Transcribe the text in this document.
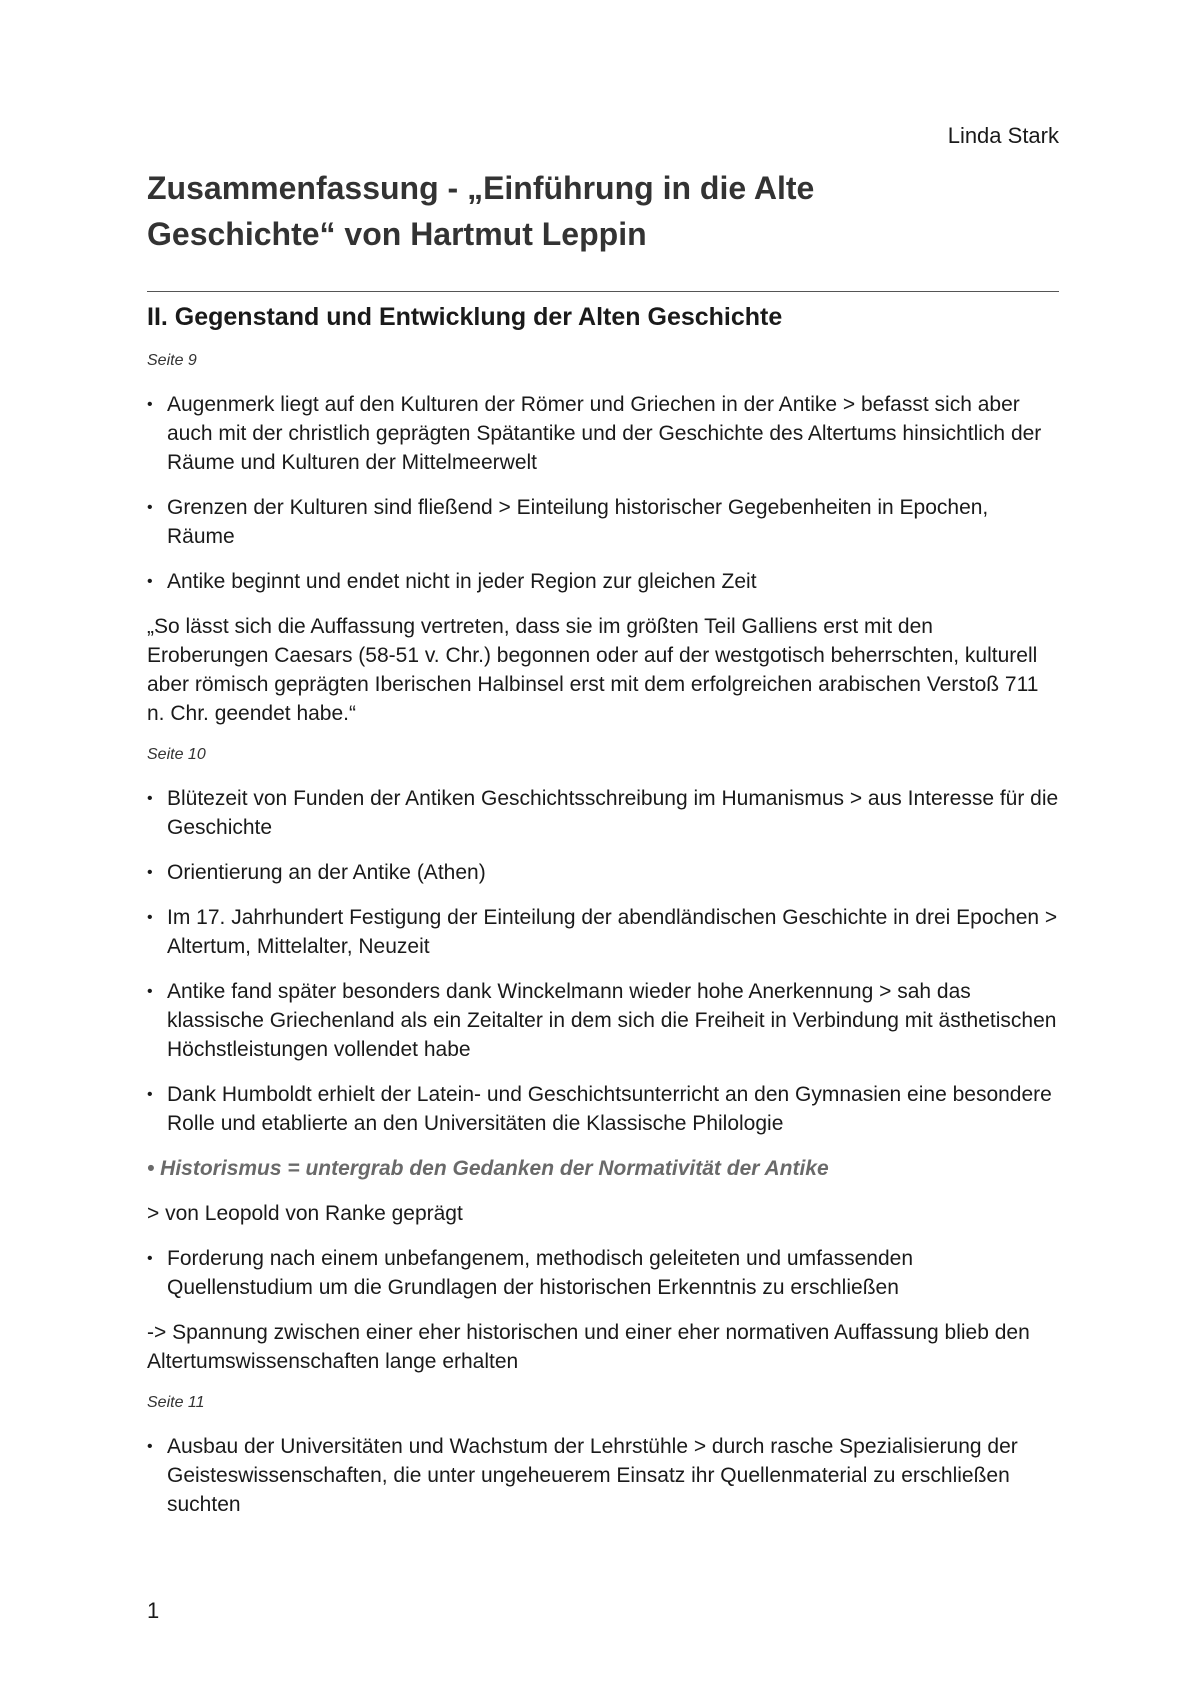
Linda Stark
Zusammenfassung - „Einführung in die Alte Geschichte“ von Hartmut Leppin
II. Gegenstand und Entwicklung der Alten Geschichte
Seite 9
• Augenmerk liegt auf den Kulturen der Römer und Griechen in der Antike > befasst sich aber auch mit der christlich geprägten Spätantike und der Geschichte des Altertums hinsichtlich der Räume und Kulturen der Mittelmeerwelt
• Grenzen der Kulturen sind fließend > Einteilung historischer Gegebenheiten in Epochen, Räume
• Antike beginnt und endet nicht in jeder Region zur gleichen Zeit

„So lässt sich die Auffassung vertreten, dass sie im größten Teil Galliens erst mit den Eroberungen Caesars (58-51 v. Chr.) begonnen oder auf der westgotisch beherrschten, kulturell aber römisch geprägten Iberischen Halbinsel erst mit dem erfolgreichen arabischen Verstoß 711 n. Chr. geendet habe.“

Seite 10
• Blütezeit von Funden der Antiken Geschichtsschreibung im Humanismus > aus Interesse für die Geschichte
• Orientierung an der Antike (Athen)
• Im 17. Jahrhundert Festigung der Einteilung der abendländischen Geschichte in drei Epochen > Altertum, Mittelalter, Neuzeit
• Antike fand später besonders dank Winckelmann wieder hohe Anerkennung > sah das klassische Griechenland als ein Zeitalter in dem sich die Freiheit in Verbindung mit ästhetischen Höchstleistungen vollendet habe
• Dank Humboldt erhielt der Latein- und Geschichtsunterricht an den Gymnasien eine besondere Rolle und etablierte an den Universitäten die Klassische Philologie

• Historismus = untergrab den Gedanken der Normativität der Antike

> von Leopold von Ranke geprägt

• Forderung nach einem unbefangenem, methodisch geleiteten und umfassenden Quellenstudium um die Grundlagen der historischen Erkenntnis zu erschließen

-> Spannung zwischen einer eher historischen und einer eher normativen Auffassung blieb den Altertumswissenschaften lange erhalten

Seite 11
• Ausbau der Universitäten und Wachstum der Lehrstühle > durch rasche Spezialisierung der Geisteswissenschaften, die unter ungeheuerem Einsatz ihr Quellenmaterial zu erschließen suchten
1
